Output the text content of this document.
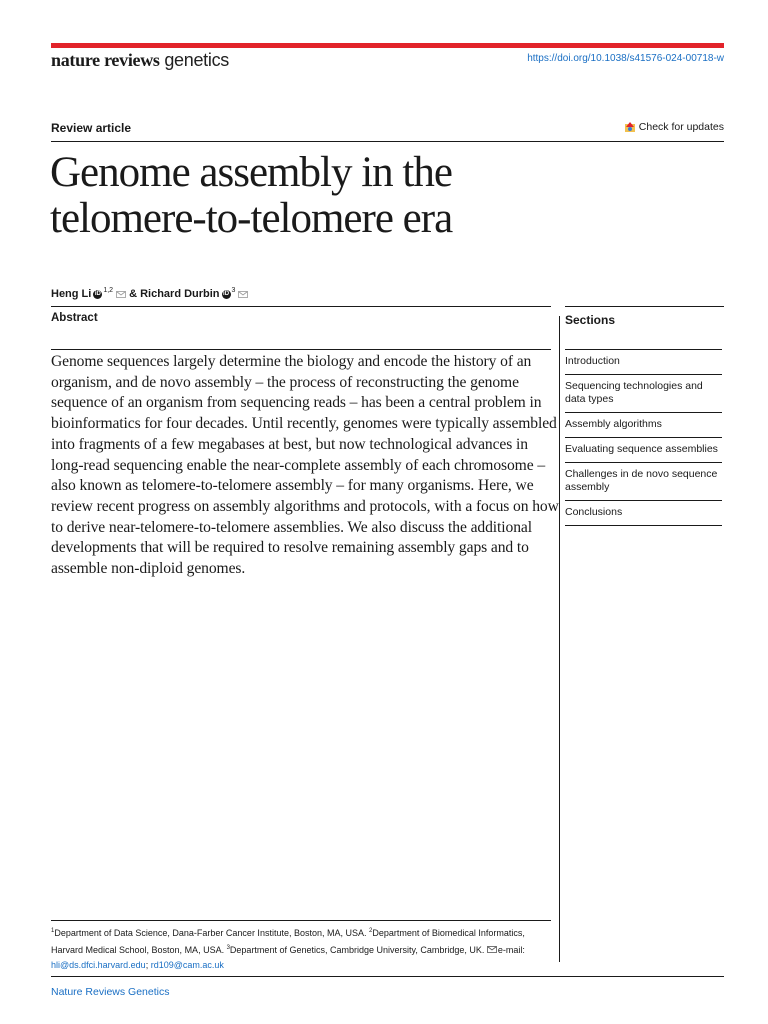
nature reviews genetics	https://doi.org/10.1038/s41576-024-00718-w
Review article	Check for updates
Genome assembly in the
telomere-to-telomere era
Heng Li iD $^{1,2}$ & Richard Durbin iD $^3$
Abstract

Genome sequences largely determine the biology and encode the history of an organism, and de novo assembly – the process of reconstructing the genome sequence of an organism from sequencing reads – has been a central problem in bioinformatics for four decades. Until recently, genomes were typically assembled into fragments of a few megabases at best, but now technological advances in long-read sequencing enable the near-complete assembly of each chromosome – also known as telomere-to-telomere assembly – for many organisms. Here, we review recent progress on assembly algorithms and protocols, with a focus on how to derive near-telomere-to-telomere assemblies. We also discuss the additional developments that will be required to resolve remaining assembly gaps and to assemble non-diploid genomes.

Sections
Introduction
Sequencing technologies and data types
Assembly algorithms
Evaluating sequence assemblies
Challenges in de novo sequence assembly
Conclusions

$^1$Department of Data Science, Dana-Farber Cancer Institute, Boston, MA, USA. $^2$Department of Biomedical Informatics, Harvard Medical School, Boston, MA, USA. $^3$Department of Genetics, Cambridge University, Cambridge, UK. e-mail: hli@ds.dfci.harvard.edu; rd109@cam.ac.uk

Nature Reviews Genetics
